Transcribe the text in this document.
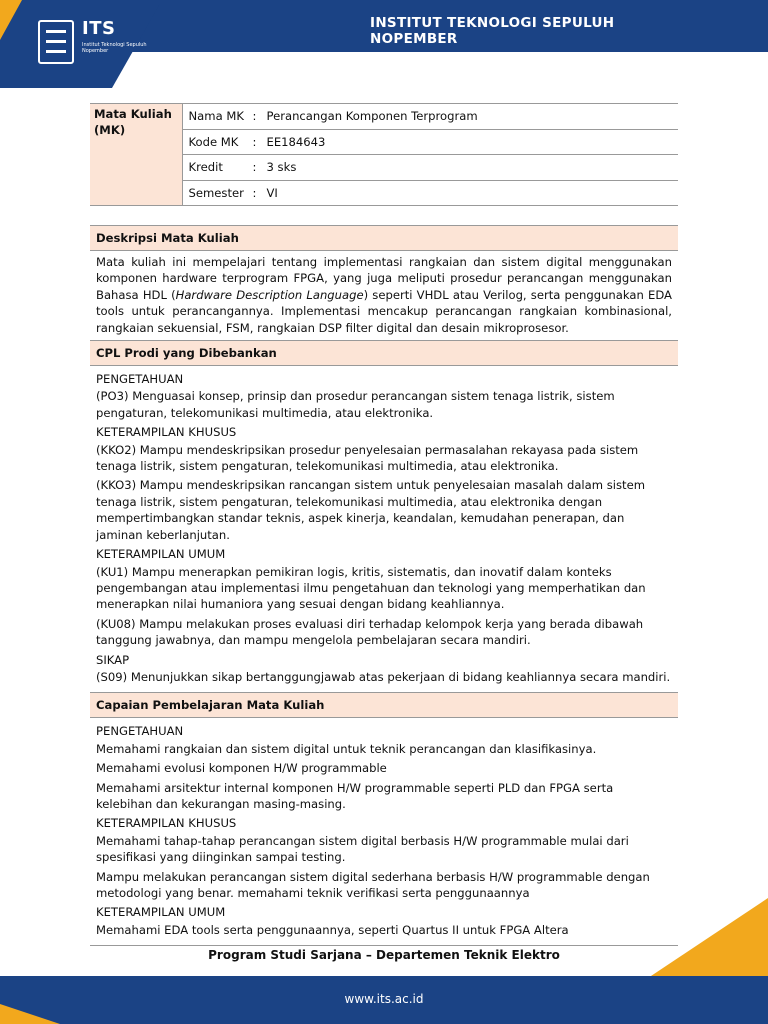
ITS
Institut Teknologi Sepuluh Nopember
INSTITUT TEKNOLOGI SEPULUH NOPEMBER
Mata Kuliah (MK)	
Nama MK : Perancangan Komponen Terprogram
Kode MK	: EE184643
Kredit	: 3 sks
Semester : VI
Deskripsi Mata Kuliah

Mata kuliah ini mempelajari tentang implementasi rangkaian dan sistem digital menggunakan komponen hardware terprogram FPGA, yang juga meliputi prosedur perancangan menggunakan Bahasa HDL (Hardware Description Language) seperti VHDL atau Verilog, serta penggunakan EDA tools untuk perancangannya. Implementasi mencakup perancangan rangkaian kombinasional, rangkaian sekuensial, FSM, rangkaian DSP filter digital dan desain mikroprosesor.

CPL Prodi yang Dibebankan

PENGETAHUAN

(PO3) Menguasai konsep, prinsip dan prosedur perancangan sistem tenaga listrik, sistem pengaturan, telekomunikasi multimedia, atau elektronika.

KETERAMPILAN KHUSUS

(KKO2) Mampu mendeskripsikan prosedur penyelesaian permasalahan rekayasa pada sistem tenaga listrik, sistem pengaturan, telekomunikasi multimedia, atau elektronika.

(KKO3) Mampu mendeskripsikan rancangan sistem untuk penyelesaian masalah dalam sistem tenaga listrik, sistem pengaturan, telekomunikasi multimedia, atau elektronika dengan mempertimbangkan standar teknis, aspek kinerja, keandalan, kemudahan penerapan, dan jaminan keberlanjutan.

KETERAMPILAN UMUM

(KU1) Mampu menerapkan pemikiran logis, kritis, sistematis, dan inovatif dalam konteks pengembangan atau implementasi ilmu pengetahuan dan teknologi yang memperhatikan dan menerapkan nilai humaniora yang sesuai dengan bidang keahliannya.

(KU08) Mampu melakukan proses evaluasi diri terhadap kelompok kerja yang berada dibawah tanggung jawabnya, dan mampu mengelola pembelajaran secara mandiri.

SIKAP

(S09) Menunjukkan sikap bertanggungjawab atas pekerjaan di bidang keahliannya secara mandiri.

Capaian Pembelajaran Mata Kuliah

PENGETAHUAN

Memahami rangkaian dan sistem digital untuk teknik perancangan dan klasifikasinya.

Memahami evolusi komponen H/W programmable

Memahami arsitektur internal komponen H/W programmable seperti PLD dan FPGA serta kelebihan dan kekurangan masing-masing.

KETERAMPILAN KHUSUS

Memahami tahap-tahap perancangan sistem digital berbasis H/W programmable mulai dari spesifikasi yang diinginkan sampai testing.

Mampu melakukan perancangan sistem digital sederhana berbasis H/W programmable dengan metodologi yang benar. memahami teknik verifikasi serta penggunaannya

KETERAMPILAN UMUM

Memahami EDA tools serta penggunaannya, seperti Quartus II untuk FPGA Altera

Program Studi Sarjana – Departemen Teknik Elektro
www.its.ac.id
